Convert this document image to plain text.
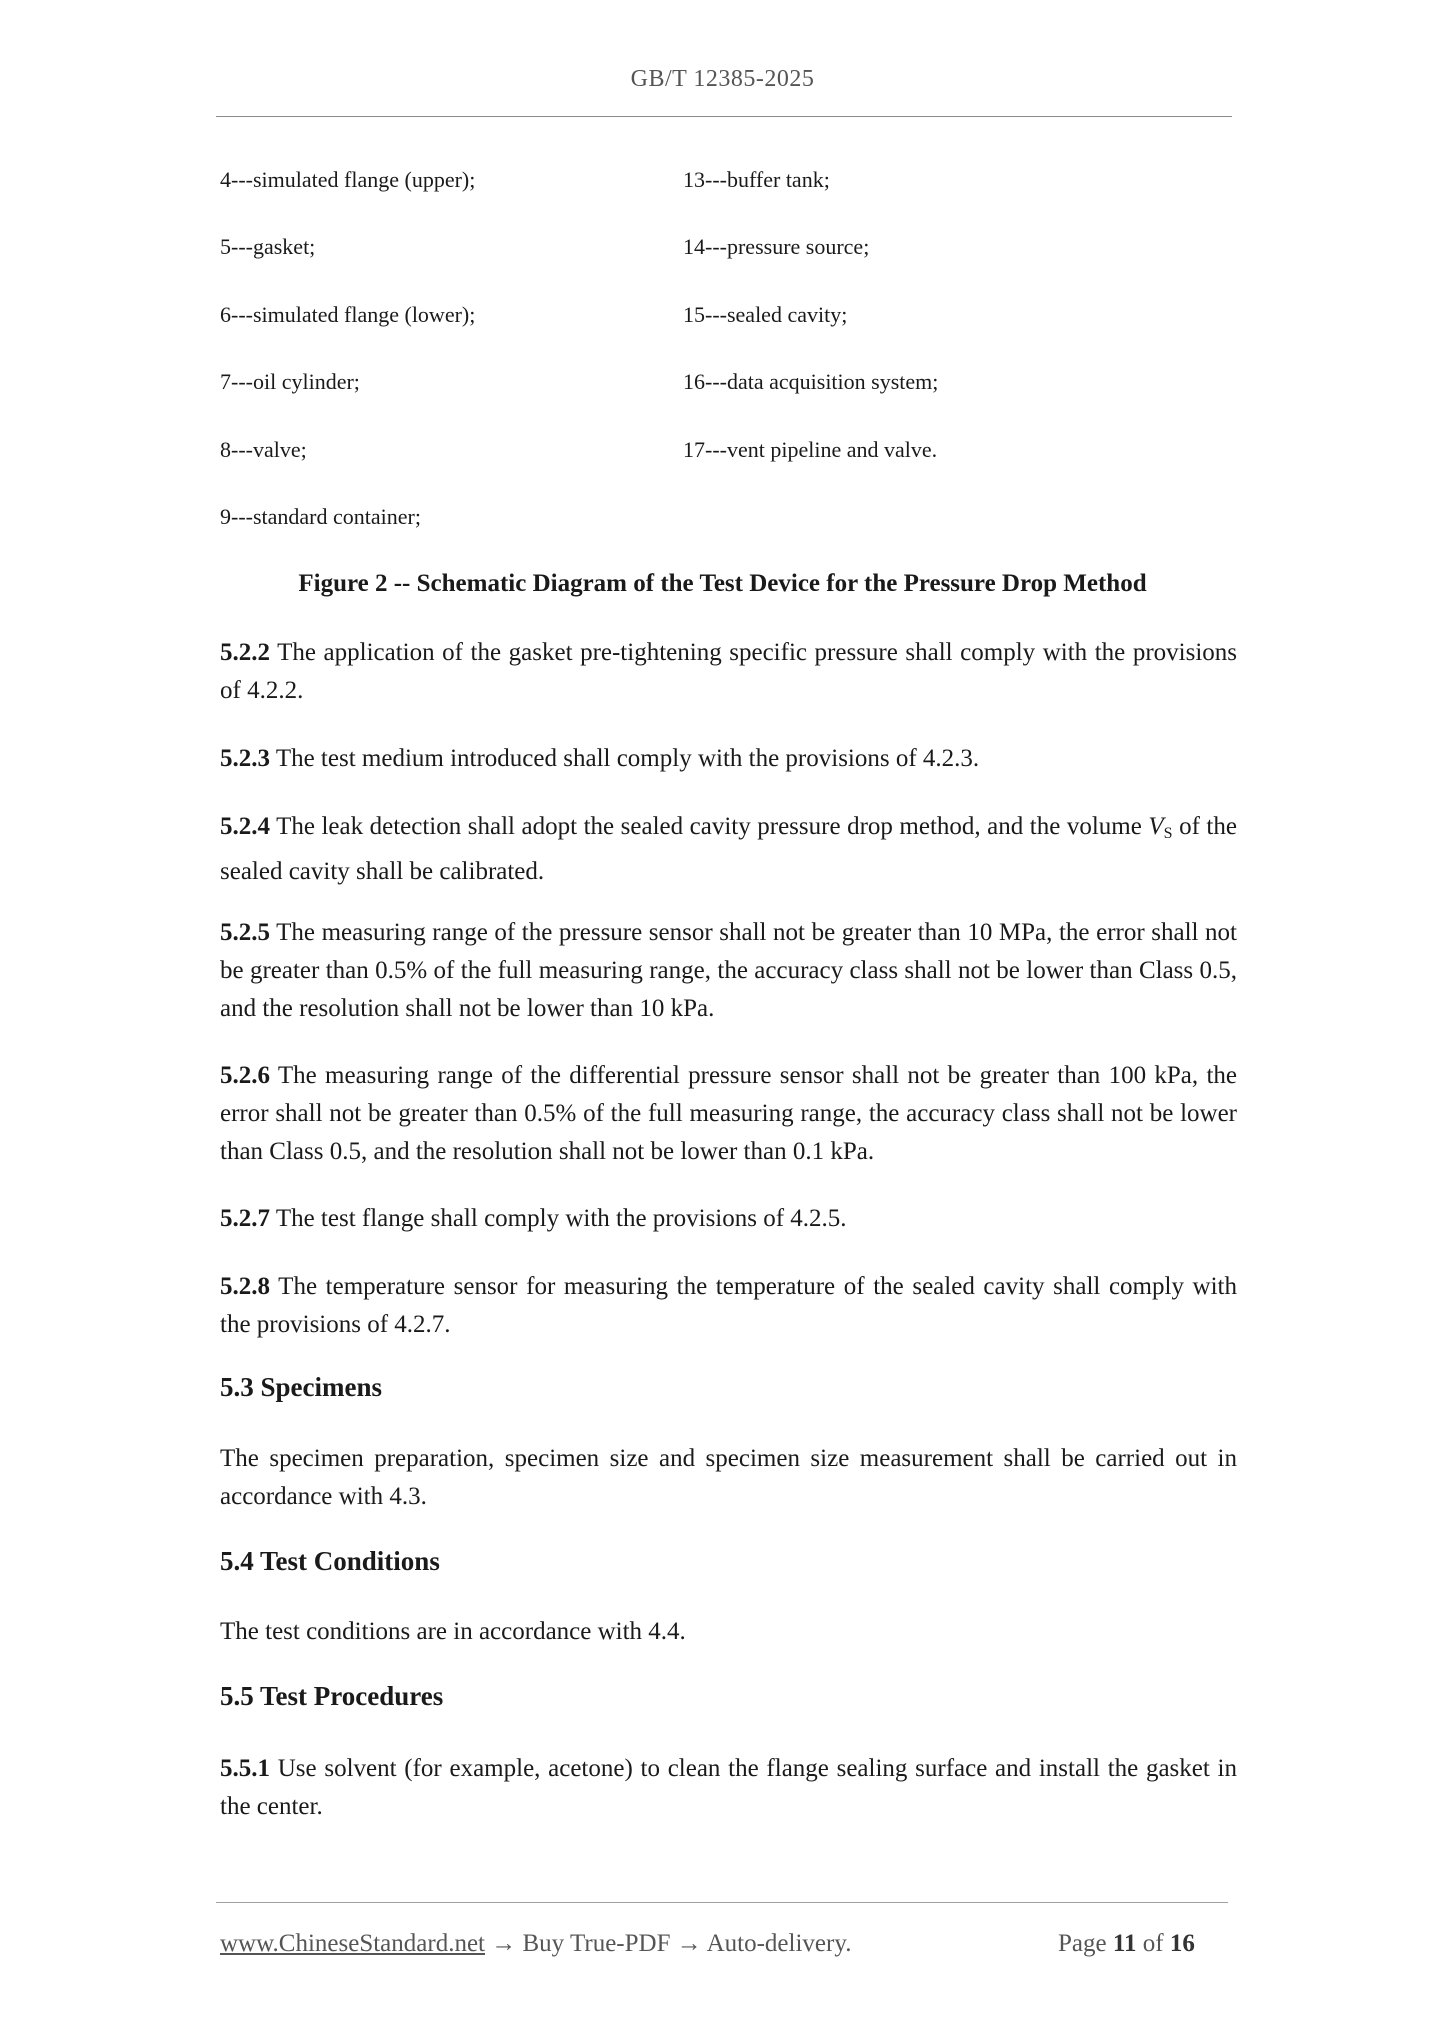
GB/T 12385-2025
4---simulated flange (upper);
5---gasket;
6---simulated flange (lower);
7---oil cylinder;
8---valve;
9---standard container;
13---buffer tank;
14---pressure source;
15---sealed cavity;
16---data acquisition system;
17---vent pipeline and valve.
Figure 2 -- Schematic Diagram of the Test Device for the Pressure Drop Method
5.2.2 The application of the gasket pre-tightening specific pressure shall comply with the provisions of 4.2.2.
5.2.3 The test medium introduced shall comply with the provisions of 4.2.3.
5.2.4 The leak detection shall adopt the sealed cavity pressure drop method, and the volume $V_S$ of the sealed cavity shall be calibrated.
5.2.5 The measuring range of the pressure sensor shall not be greater than 10 MPa, the error shall not be greater than 0.5% of the full measuring range, the accuracy class shall not be lower than Class 0.5, and the resolution shall not be lower than 10 kPa.
5.2.6 The measuring range of the differential pressure sensor shall not be greater than 100 kPa, the error shall not be greater than 0.5% of the full measuring range, the accuracy class shall not be lower than Class 0.5, and the resolution shall not be lower than 0.1 kPa.
5.2.7 The test flange shall comply with the provisions of 4.2.5.
5.2.8 The temperature sensor for measuring the temperature of the sealed cavity shall comply with the provisions of 4.2.7.
5.3 Specimens
The specimen preparation, specimen size and specimen size measurement shall be carried out in accordance with 4.3.
5.4 Test Conditions
The test conditions are in accordance with 4.4.
5.5 Test Procedures
5.5.1 Use solvent (for example, acetone) to clean the flange sealing surface and install the gasket in the center.
www.ChineseStandard.net → Buy True-PDF → Auto-delivery.	Page 11 of 16
